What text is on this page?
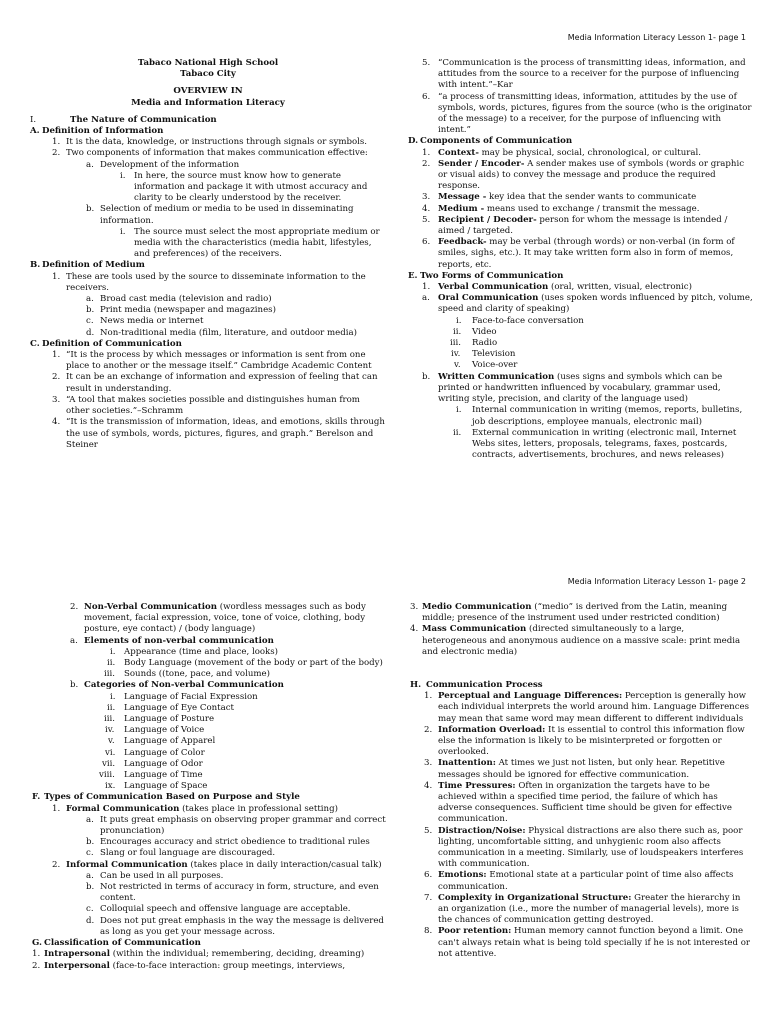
Media Information Literacy Lesson 1- page 1
Tabaco National High School
Tabaco City
OVERVIEW IN
Media and Information Literacy
I.	The Nature of Communication
A. Definition of Information
1. It is the data, knowledge, or instructions through signals or symbols.
2. Two components of information that makes communication effective:
a. Development of the information
i. In here, the source must know how to generate information and package it with utmost accuracy and clarity to be clearly understood by the receiver.
b. Selection of medium or media to be used in disseminating information.
i. The source must select the most appropriate medium or media with the characteristics (media habit, lifestyles, and preferences) of the receivers.
B. Definition of Medium
1. These are tools used by the source to disseminate information to the receivers.
a. Broad cast media (television and radio)
b. Print media (newspaper and magazines)
c. News media or internet
d. Non-traditional media (film, literature, and outdoor media)
C. Definition of Communication
1. “It is the process by which messages or information is sent from one place to another or the message itself.” Cambridge Academic Content
2. It can be an exchange of information and expression of feeling that can result in understanding.
3. “A tool that makes societies possible and distinguishes human from other societies.”–Schramm
4. “It is the transmission of information, ideas, and emotions, skills through the use of symbols, words, pictures, figures, and graph.” Berelson and Steiner
5. “Communication is the process of transmitting ideas, information, and attitudes from the source to a receiver for the purpose of influencing with intent.”–Kar
6. “a process of transmitting ideas, information, attitudes by the use of symbols, words, pictures, figures from the source (who is the originator of the message) to a receiver, for the purpose of influencing with intent.”
D. Components of Communication
1. Context- may be physical, social, chronological, or cultural.
2. Sender / Encoder- A sender makes use of symbols (words or graphic or visual aids) to convey the message and produce the required response.
3. Message - key idea that the sender wants to communicate
4. Medium - means used to exchange / transmit the message.
5. Recipient / Decoder- person for whom the message is intended / aimed / targeted.
6. Feedback- may be verbal (through words) or non-verbal (in form of smiles, sighs, etc.). It may take written form also in form of memos, reports, etc.
E. Two Forms of Communication
1. Verbal Communication (oral, written, visual, electronic)
a. Oral Communication (uses spoken words influenced by pitch, volume, speed and clarity of speaking)
i. Face-to-face conversation
ii. Video
iii. Radio
iv. Television
v. Voice-over
b. Written Communication (uses signs and symbols which can be printed or handwritten influenced by vocabulary, grammar used, writing style, precision, and clarity of the language used)
i. Internal communication in writing (memos, reports, bulletins, job descriptions, employee manuals, electronic mail)
ii. External communication in writing (electronic mail, Internet Webs sites, letters, proposals, telegrams, faxes, postcards, contracts, advertisements, brochures, and news releases)
Media Information Literacy Lesson 1- page 2
2. Non-Verbal Communication (wordless messages such as body movement, facial expression, voice, tone of voice, clothing, body posture, eye contact) / (body language)
a. Elements of non-verbal communication
i. Appearance (time and place, looks)
ii. Body Language (movement of the body or part of the body)
iii. Sounds ((tone, pace, and volume)
b. Categories of Non-verbal Communication
i. Language of Facial Expression
ii. Language of Eye Contact
iii. Language of Posture
iv. Language of Voice
v. Language of Apparel
vi. Language of Color
vii. Language of Odor
viii. Language of Time
ix. Language of Space
F. Types of Communication Based on Purpose and Style
1. Formal Communication (takes place in professional setting)
a. It puts great emphasis on observing proper grammar and correct pronunciation)
b. Encourages accuracy and strict obedience to traditional rules
c. Slang or foul language are discouraged.
2. Informal Communication (takes place in daily interaction/casual talk)
a. Can be used in all purposes.
b. Not restricted in terms of accuracy in form, structure, and even content.
c. Colloquial speech and offensive language are acceptable.
d. Does not put great emphasis in the way the message is delivered as long as you get your message across.
G. Classification of Communication
1. Intrapersonal (within the individual; remembering, deciding, dreaming)
2. Interpersonal (face-to-face interaction: group meetings, interviews,
3. Medio Communication (“medio” is derived from the Latin, meaning middle; presence of the instrument used under restricted condition)
4. Mass Communication (directed simultaneously to a large, heterogeneous and anonymous audience on a massive scale: print media and electronic media)
H. Communication Process
1. Perceptual and Language Differences: Perception is generally how each individual interprets the world around him. Language Differences may mean that same word may mean different to different individuals
2. Information Overload: It is essential to control this information flow else the information is likely to be misinterpreted or forgotten or overlooked.
3. Inattention: At times we just not listen, but only hear. Repetitive messages should be ignored for effective communication.
4. Time Pressures: Often in organization the targets have to be achieved within a specified time period, the failure of which has adverse consequences. Sufficient time should be given for effective communication.
5. Distraction/Noise: Physical distractions are also there such as, poor lighting, uncomfortable sitting, and unhygienic room also affects communication in a meeting. Similarly, use of loudspeakers interferes with communication.
6. Emotions: Emotional state at a particular point of time also affects communication.
7. Complexity in Organizational Structure: Greater the hierarchy in an organization (i.e., more the number of managerial levels), more is the chances of communication getting destroyed.
8. Poor retention: Human memory cannot function beyond a limit. One can't always retain what is being told specially if he is not interested or not attentive.
